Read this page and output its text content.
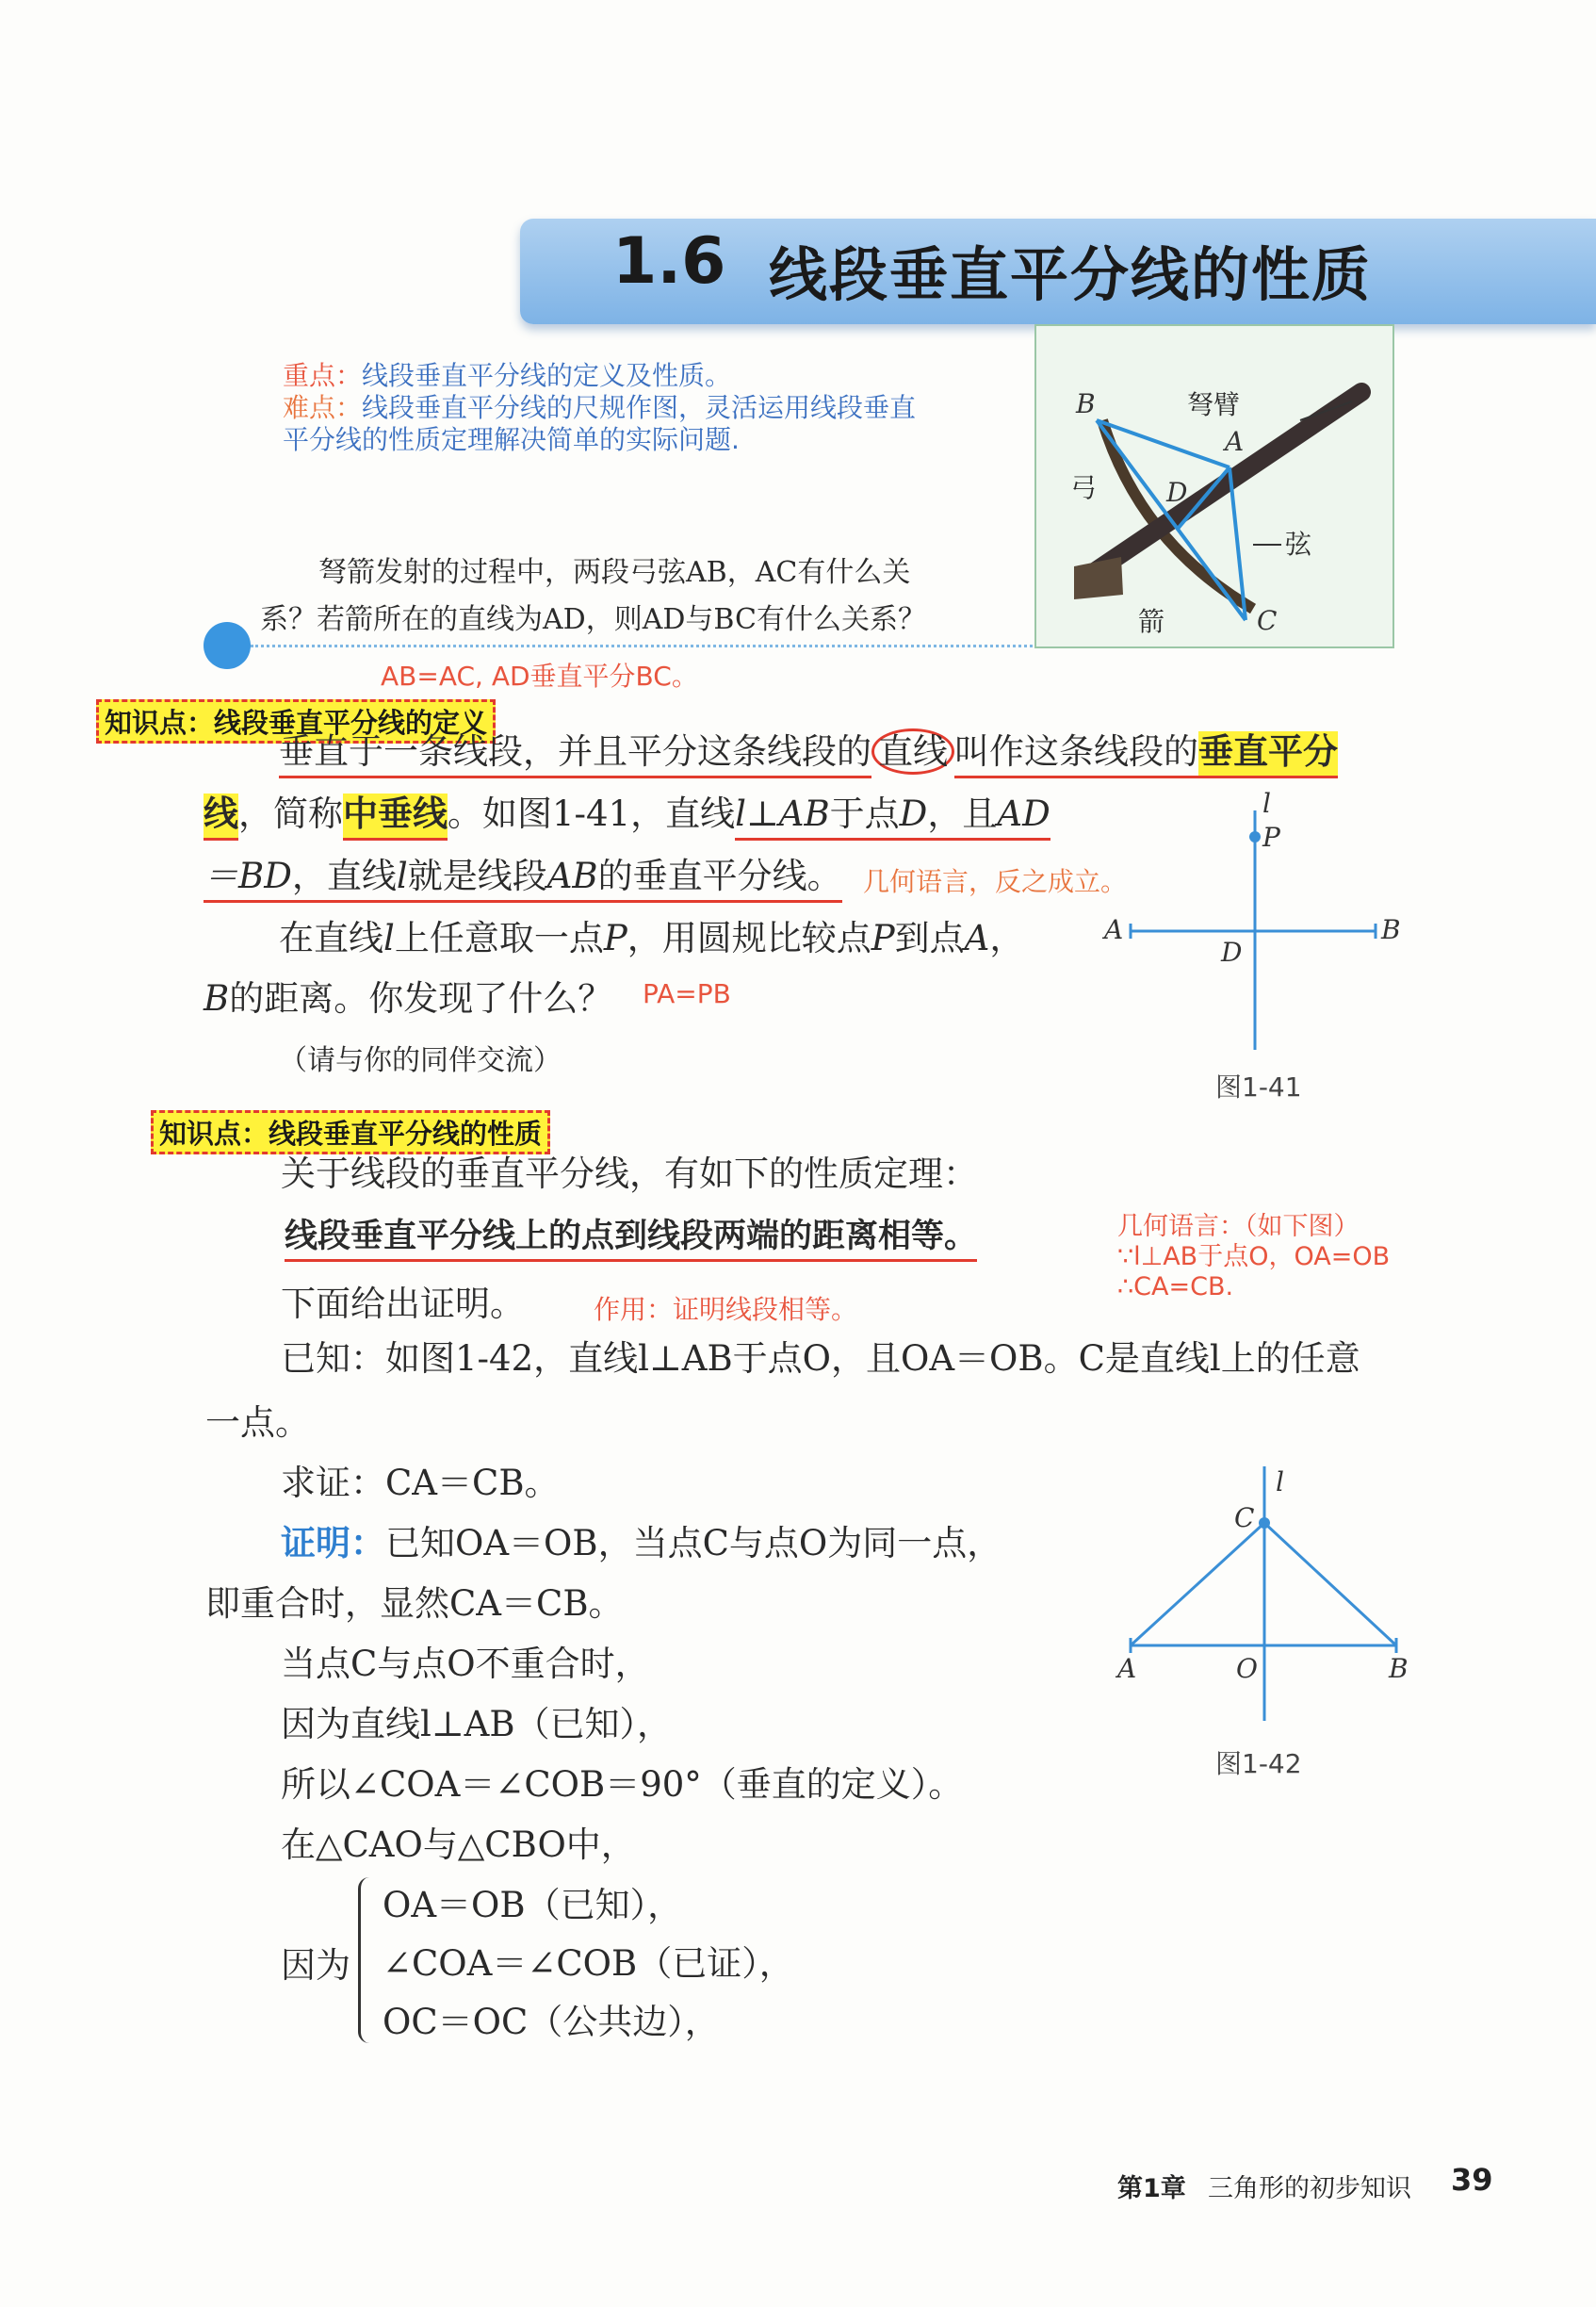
1.6 线段垂直平分线的性质
重点：线段垂直平分线的定义及性质。
难点：线段垂直平分线的尺规作图，灵活运用线段垂直
平分线的性质定理解决简单的实际问题.
B
A
D
C
弩臂
弓
弦
箭
弩箭发射的过程中，两段弓弦AB，AC有什么关
系？若箭所在的直线为AD，则AD与BC有什么关系？
AB=AC, AD垂直平分BC。
知识点：线段垂直平分线的定义
垂直于一条线段，并且平分这条线段的 直线 叫作这条线段的垂直平分
线，简称中垂线。如图1-41，直线l⊥AB于点D，且AD
＝BD，直线l就是线段AB的垂直平分线。 几何语言，反之成立。
在直线l上任意取一点P，用圆规比较点P到点A，
B的距离。你发现了什么？ PA=PB
（请与你的同伴交流）
l
P
A	B
D
图1-41
知识点：线段垂直平分线的性质
关于线段的垂直平分线，有如下的性质定理：
线段垂直平分线上的点到线段两端的距离相等。	几何语言：（如下图）
∵l⊥AB于点O，OA=OB
∴CA=CB.
下面给出证明。	作用：证明线段相等。
已知：如图1-42，直线l⊥AB于点O，且OA＝OB。C是直线l上的任意
一点。
求证：CA＝CB。
证明：已知OA＝OB，当点C与点O为同一点，
即重合时，显然CA＝CB。
当点C与点O不重合时，
因为直线l⊥AB（已知），
所以∠COA＝∠COB＝90°（垂直的定义）。
在△CAO与△CBO中，
因为
OA＝OB（已知），
∠COA＝∠COB（已证），
OC＝OC（公共边），
l
C
A	O	B
图1-42
第1章 三角形的初步知识 39
